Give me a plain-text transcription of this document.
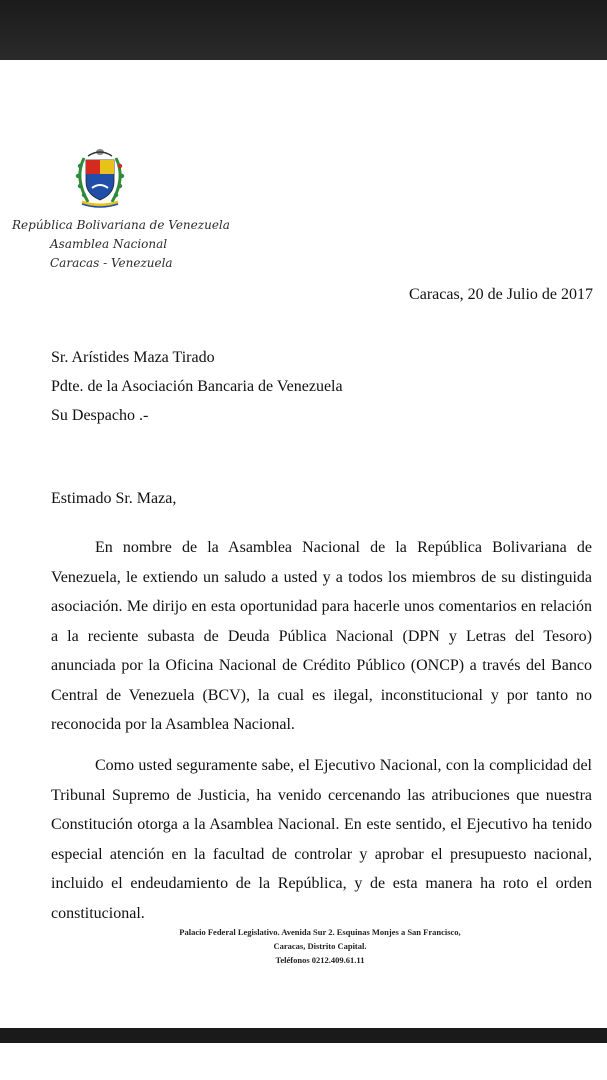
República Bolivariana de Venezuela
Asamblea Nacional
Caracas - Venezuela
Caracas, 20 de Julio de 2017
Sr. Arístides Maza Tirado
Pdte. de la Asociación Bancaria de Venezuela
Su Despacho .-
Estimado Sr. Maza,

En nombre de la Asamblea Nacional de la República Bolivariana de Venezuela, le extiendo un saludo a usted y a todos los miembros de su distinguida asociación. Me dirijo en esta oportunidad para hacerle unos comentarios en relación a la reciente subasta de Deuda Pública Nacional (DPN y Letras del Tesoro) anunciada por la Oficina Nacional de Crédito Público (ONCP) a través del Banco Central de Venezuela (BCV), la cual es ilegal, inconstitucional y por tanto no reconocida por la Asamblea Nacional.

Como usted seguramente sabe, el Ejecutivo Nacional, con la complicidad del Tribunal Supremo de Justicia, ha venido cercenando las atribuciones que nuestra Constitución otorga a la Asamblea Nacional. En este sentido, el Ejecutivo ha tenido especial atención en la facultad de controlar y aprobar el presupuesto nacional, incluido el endeudamiento de la República, y de esta manera ha roto el orden constitucional.

Palacio Federal Legislativo. Avenida Sur 2. Esquinas Monjes a San Francisco,
Caracas, Distrito Capital.
Teléfonos 0212.409.61.11
